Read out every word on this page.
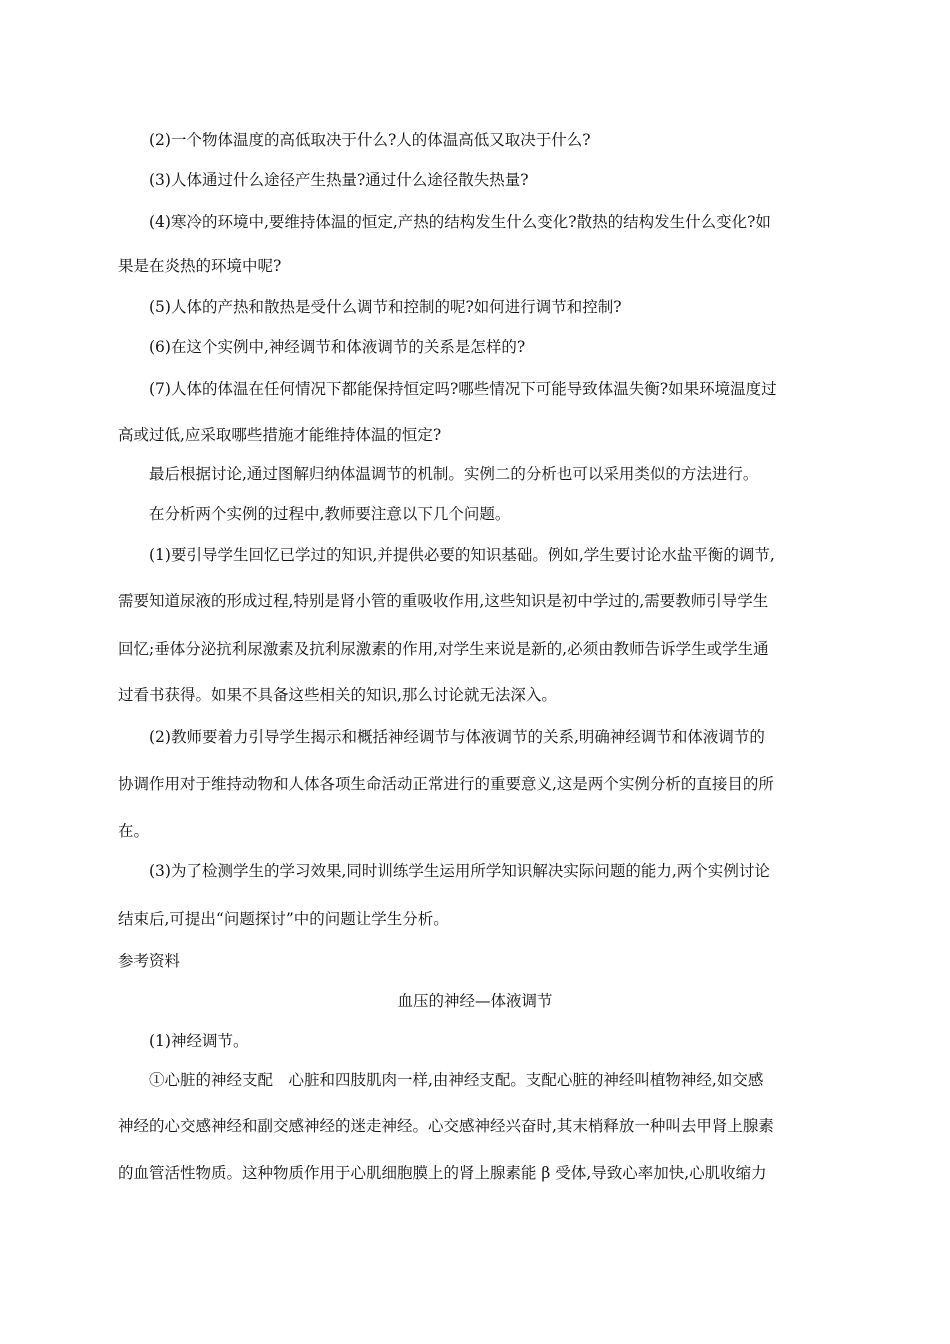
(2)一个物体温度的高低取决于什么?人的体温高低又取决于什么?

(3)人体通过什么途径产生热量?通过什么途径散失热量?

(4)寒冷的环境中,要维持体温的恒定,产热的结构发生什么变化?散热的结构发生什么变化?如

果是在炎热的环境中呢?

(5)人体的产热和散热是受什么调节和控制的呢?如何进行调节和控制?

(6)在这个实例中,神经调节和体液调节的关系是怎样的?

(7)人体的体温在任何情况下都能保持恒定吗?哪些情况下可能导致体温失衡?如果环境温度过

高或过低,应采取哪些措施才能维持体温的恒定?

最后根据讨论,通过图解归纳体温调节的机制。实例二的分析也可以采用类似的方法进行。

在分析两个实例的过程中,教师要注意以下几个问题。

(1)要引导学生回忆已学过的知识,并提供必要的知识基础。例如,学生要讨论水盐平衡的调节,

需要知道尿液的形成过程,特别是肾小管的重吸收作用,这些知识是初中学过的,需要教师引导学生

回忆;垂体分泌抗利尿激素及抗利尿激素的作用,对学生来说是新的,必须由教师告诉学生或学生通

过看书获得。如果不具备这些相关的知识,那么讨论就无法深入。

(2)教师要着力引导学生揭示和概括神经调节与体液调节的关系,明确神经调节和体液调节的

协调作用对于维持动物和人体各项生命活动正常进行的重要意义,这是两个实例分析的直接目的所

在。

(3)为了检测学生的学习效果,同时训练学生运用所学知识解决实际问题的能力,两个实例讨论

结束后,可提出“问题探讨”中的问题让学生分析。

参考资料

血压的神经—体液调节

(1)神经调节。

①心脏的神经支配　心脏和四肢肌肉一样,由神经支配。支配心脏的神经叫植物神经,如交感

神经的心交感神经和副交感神经的迷走神经。心交感神经兴奋时,其末梢释放一种叫去甲肾上腺素

的血管活性物质。这种物质作用于心肌细胞膜上的肾上腺素能 β 受体,导致心率加快,心肌收缩力
